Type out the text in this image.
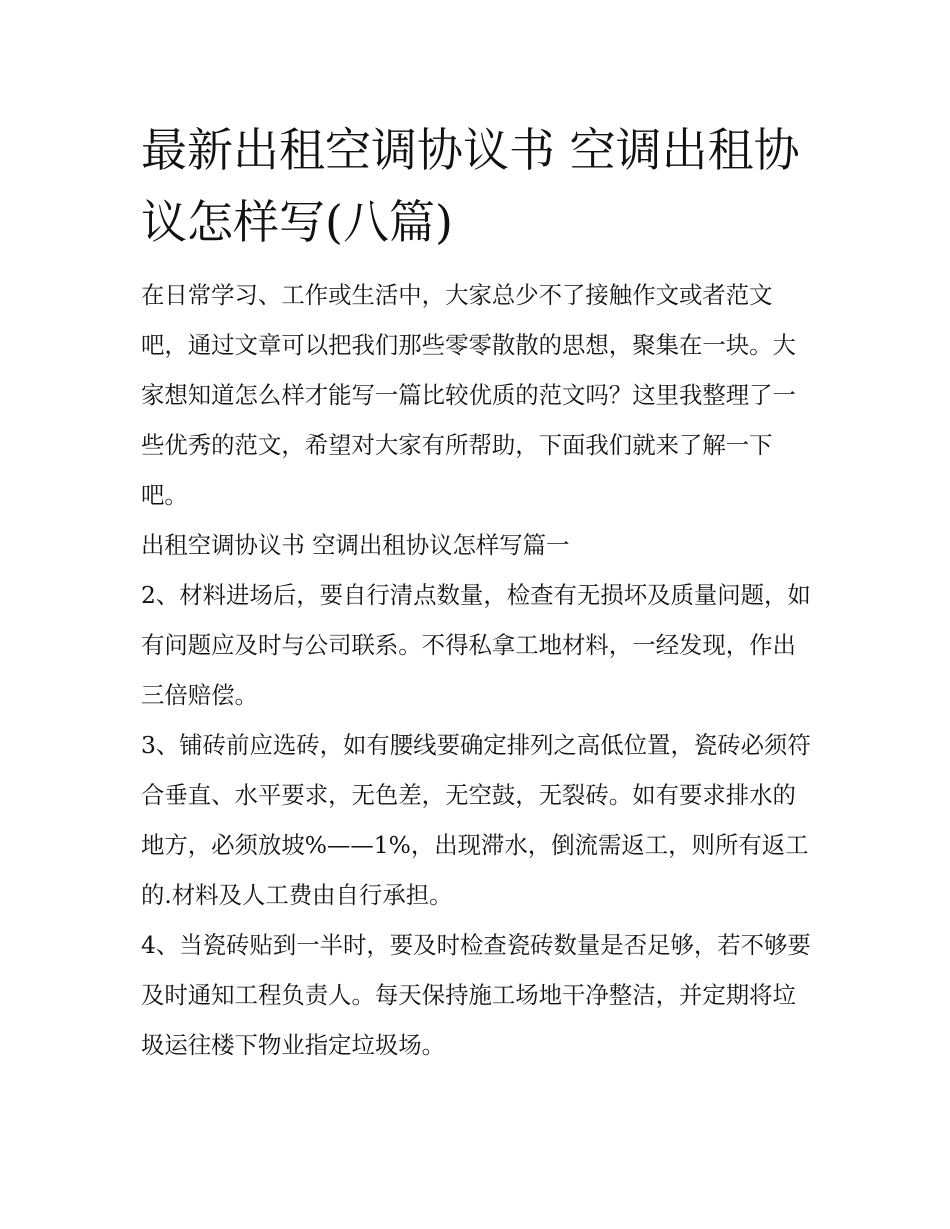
最新出租空调协议书 空调出租协议怎样写(八篇)

在日常学习、工作或生活中，大家总少不了接触作文或者范文吧，通过文章可以把我们那些零零散散的思想，聚集在一块。大家想知道怎么样才能写一篇比较优质的范文吗？这里我整理了一些优秀的范文，希望对大家有所帮助，下面我们就来了解一下吧。

出租空调协议书 空调出租协议怎样写篇一

2、材料进场后，要自行清点数量，检查有无损坏及质量问题，如有问题应及时与公司联系。不得私拿工地材料，一经发现，作出三倍赔偿。

3、铺砖前应选砖，如有腰线要确定排列之高低位置，瓷砖必须符合垂直、水平要求，无色差，无空鼓，无裂砖。如有要求排水的地方，必须放坡%——1%，出现滞水，倒流需返工，则所有返工的.材料及人工费由自行承担。

4、当瓷砖贴到一半时，要及时检查瓷砖数量是否足够，若不够要及时通知工程负责人。每天保持施工场地干净整洁，并定期将垃圾运往楼下物业指定垃圾场。
